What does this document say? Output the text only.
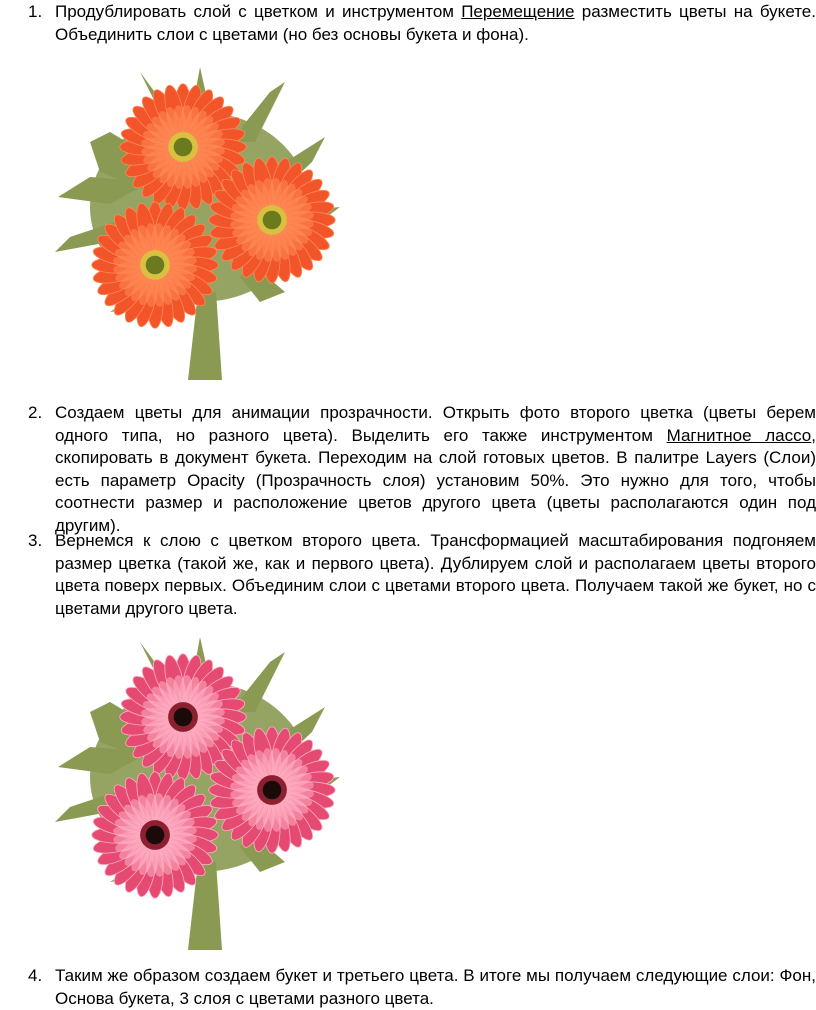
1. Продублировать слой с цветком и инструментом Перемещение разместить цветы на букете. Объединить слои с цветами (но без основы букета и фона).
2. Создаем цветы для анимации прозрачности. Открыть фото второго цветка (цветы берем одного типа, но разного цвета). Выделить его также инструментом Магнитное лассо, скопировать в документ букета. Переходим на слой готовых цветов. В палитре Layers (Слои) есть параметр Opacity (Прозрачность слоя) установим 50%. Это нужно для того, чтобы соотнести размер и расположение цветов другого цвета (цветы располагаются один под другим).
3. Вернемся к слою с цветком второго цвета. Трансформацией масштабирования подгоняем размер цветка (такой же, как и первого цвета). Дублируем слой и располагаем цветы второго цвета поверх первых. Объединим слои с цветами второго цвета. Получаем такой же букет, но с цветами другого цвета.
4. Таким же образом создаем букет и третьего цвета. В итоге мы получаем следующие слои: Фон, Основа букета, 3 слоя с цветами разного цвета.
